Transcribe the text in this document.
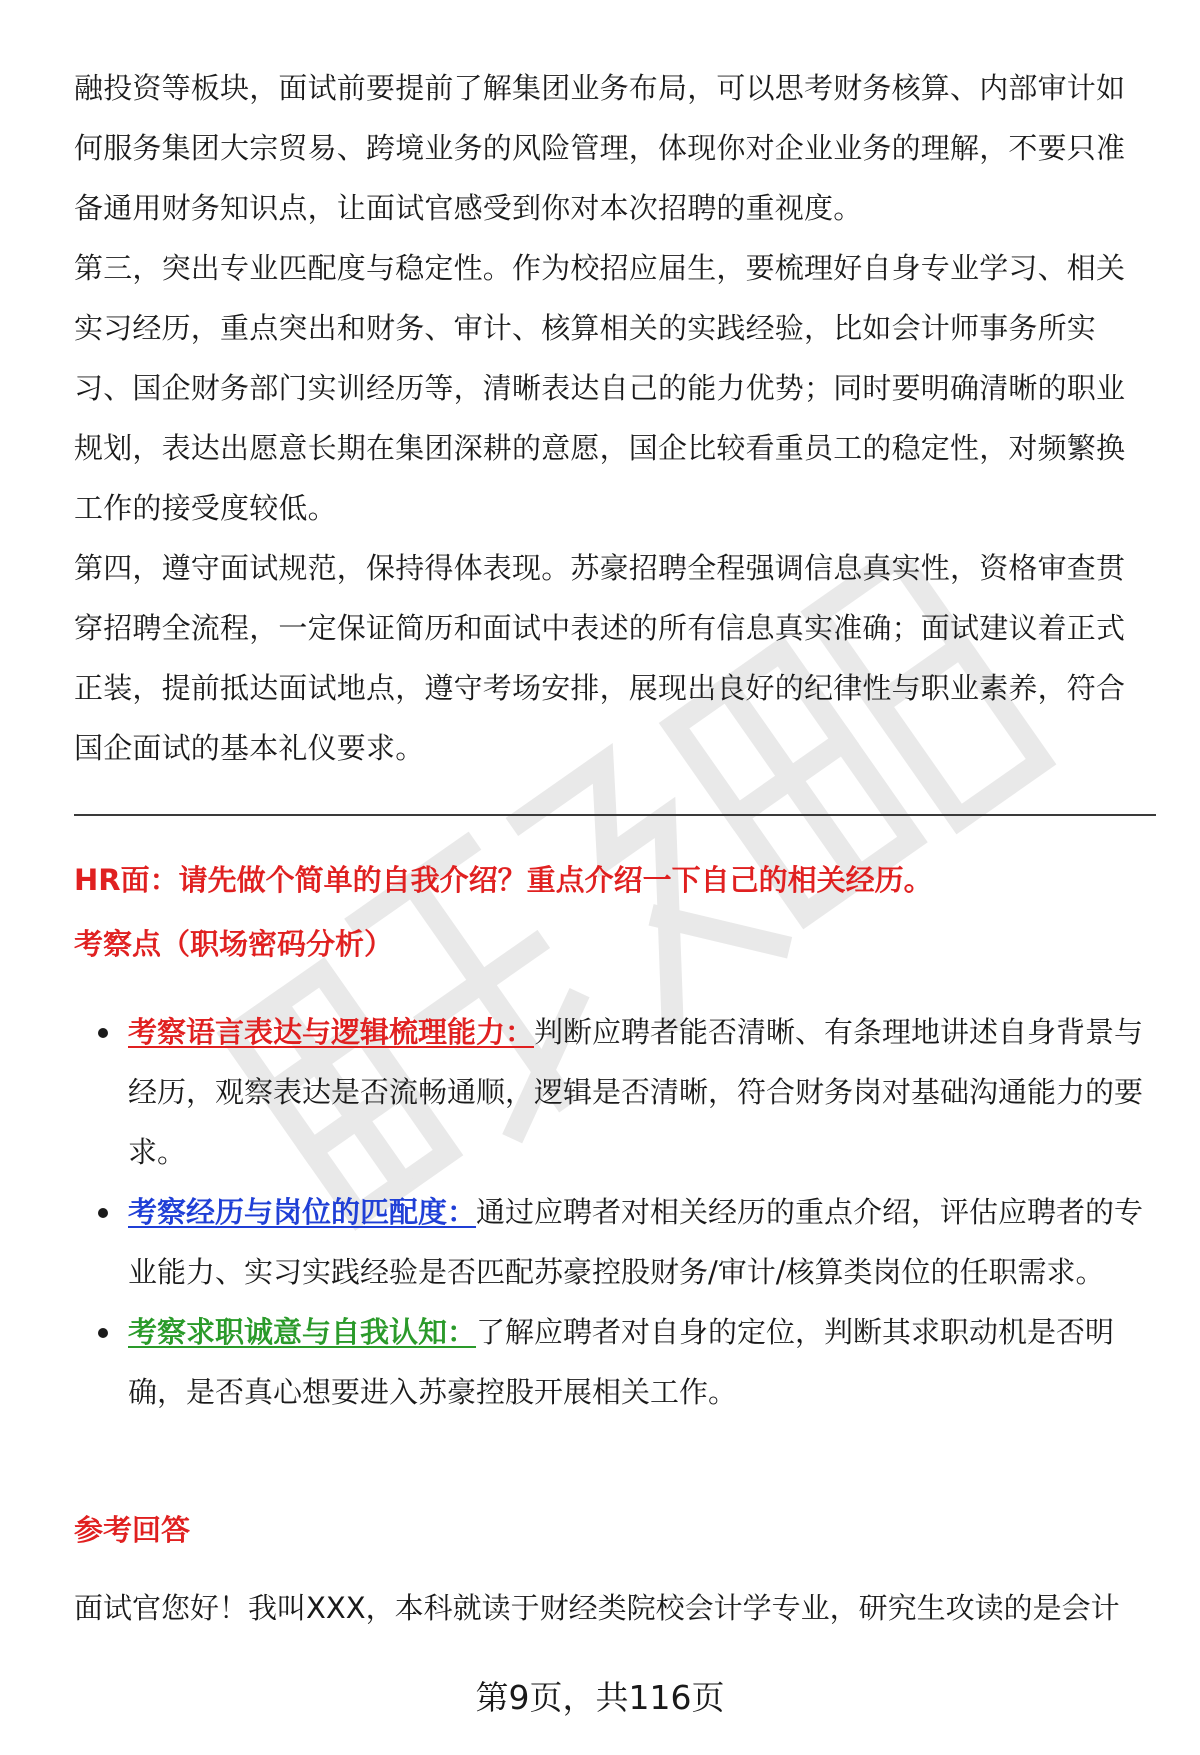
融投资等板块，面试前要提前了解集团业务布局，可以思考财务核算、内部审计如何服务集团大宗贸易、跨境业务的风险管理，体现你对企业业务的理解，不要只准备通用财务知识点，让面试官感受到你对本次招聘的重视度。

第三，突出专业匹配度与稳定性。作为校招应届生，要梳理好自身专业学习、相关实习经历，重点突出和财务、审计、核算相关的实践经验，比如会计师事务所实习、国企财务部门实训经历等，清晰表达自己的能力优势；同时要明确清晰的职业规划，表达出愿意长期在集团深耕的意愿，国企比较看重员工的稳定性，对频繁换工作的接受度较低。

第四，遵守面试规范，保持得体表现。苏豪招聘全程强调信息真实性，资格审查贯穿招聘全流程，一定保证简历和面试中表述的所有信息真实准确；面试建议着正式正装，提前抵达面试地点，遵守考场安排，展现出良好的纪律性与职业素养，符合国企面试的基本礼仪要求。

HR面：请先做个简单的自我介绍？重点介绍一下自己的相关经历。

考察点（职场密码分析）

考察语言表达与逻辑梳理能力：判断应聘者能否清晰、有条理地讲述自身背景与经历，观察表达是否流畅通顺，逻辑是否清晰，符合财务岗对基础沟通能力的要求。
考察经历与岗位的匹配度：通过应聘者对相关经历的重点介绍，评估应聘者的专业能力、实习实践经验是否匹配苏豪控股财务/审计/核算类岗位的任职需求。
考察求职诚意与自我认知：了解应聘者对自身的定位，判断其求职动机是否明确，是否真心想要进入苏豪控股开展相关工作。

参考回答

面试官您好！我叫XXX，本科就读于财经类院校会计学专业，研究生攻读的是会计

第9页，共116页
